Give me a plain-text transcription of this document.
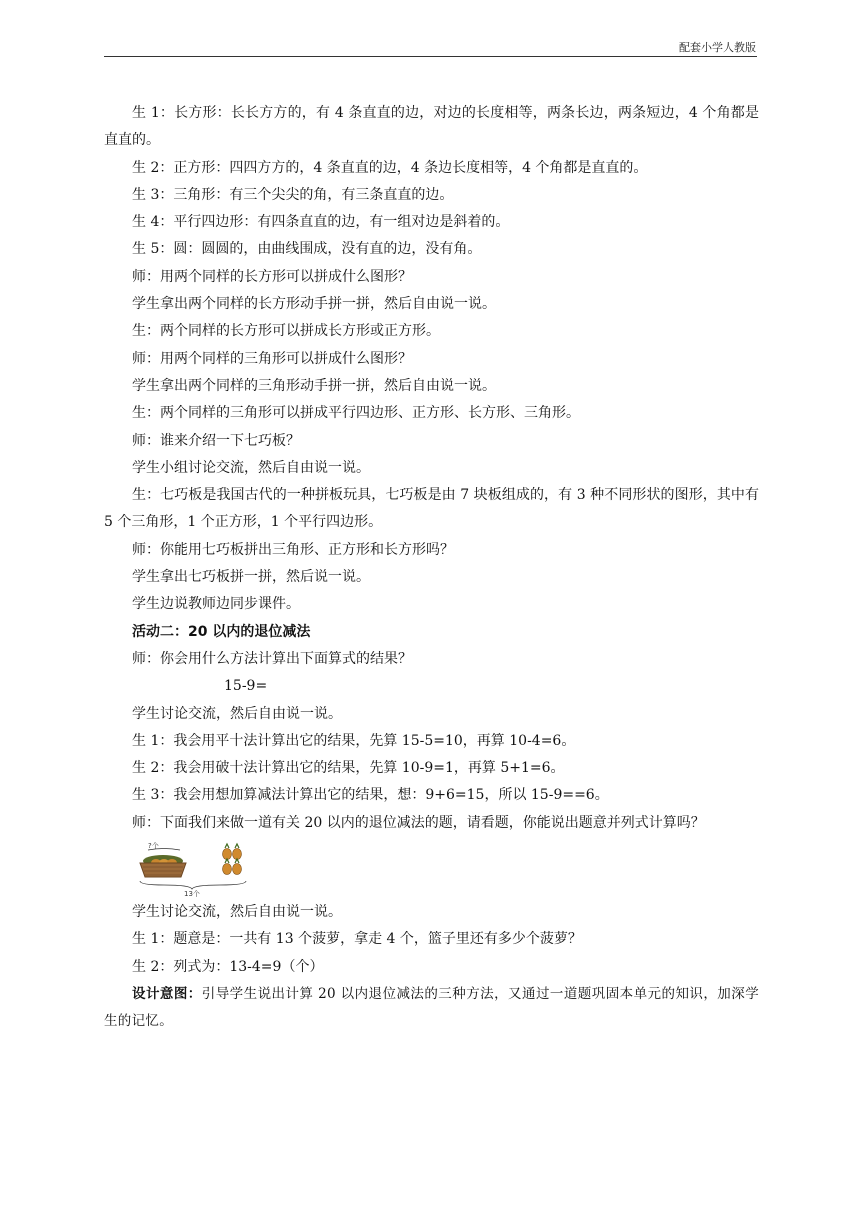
配套小学人教版

生 1：长方形：长长方方的，有 4 条直直的边，对边的长度相等，两条长边，两条短边，4 个角都是直直的。

生 2：正方形：四四方方的，4 条直直的边，4 条边长度相等，4 个角都是直直的。

生 3：三角形：有三个尖尖的角，有三条直直的边。

生 4：平行四边形：有四条直直的边，有一组对边是斜着的。

生 5：圆：圆圆的，由曲线围成，没有直的边，没有角。

师：用两个同样的长方形可以拼成什么图形？

学生拿出两个同样的长方形动手拼一拼，然后自由说一说。

生：两个同样的长方形可以拼成长方形或正方形。

师：用两个同样的三角形可以拼成什么图形？

学生拿出两个同样的三角形动手拼一拼，然后自由说一说。

生：两个同样的三角形可以拼成平行四边形、正方形、长方形、三角形。

师：谁来介绍一下七巧板？

学生小组讨论交流，然后自由说一说。

生：七巧板是我国古代的一种拼板玩具，七巧板是由 7 块板组成的，有 3 种不同形状的图形，其中有 5 个三角形，1 个正方形，1 个平行四边形。

师：你能用七巧板拼出三角形、正方形和长方形吗？

学生拿出七巧板拼一拼，然后说一说。

学生边说教师边同步课件。

活动二：20 以内的退位减法

师：你会用什么方法计算出下面算式的结果？

15-9=

学生讨论交流，然后自由说一说。

生 1：我会用平十法计算出它的结果，先算 15-5=10，再算 10-4=6。

生 2：我会用破十法计算出它的结果，先算 10-9=1，再算 5+1=6。

生 3：我会用想加算减法计算出它的结果，想：9+6=15，所以 15-9==6。

师：下面我们来做一道有关 20 以内的退位减法的题，请看题，你能说出题意并列式计算吗？

?个
13个

学生讨论交流，然后自由说一说。

生 1：题意是：一共有 13 个菠萝，拿走 4 个，篮子里还有多少个菠萝？

生 2：列式为：13-4=9（个）

设计意图：引导学生说出计算 20 以内退位减法的三种方法，又通过一道题巩固本单元的知识，加深学生的记忆。
